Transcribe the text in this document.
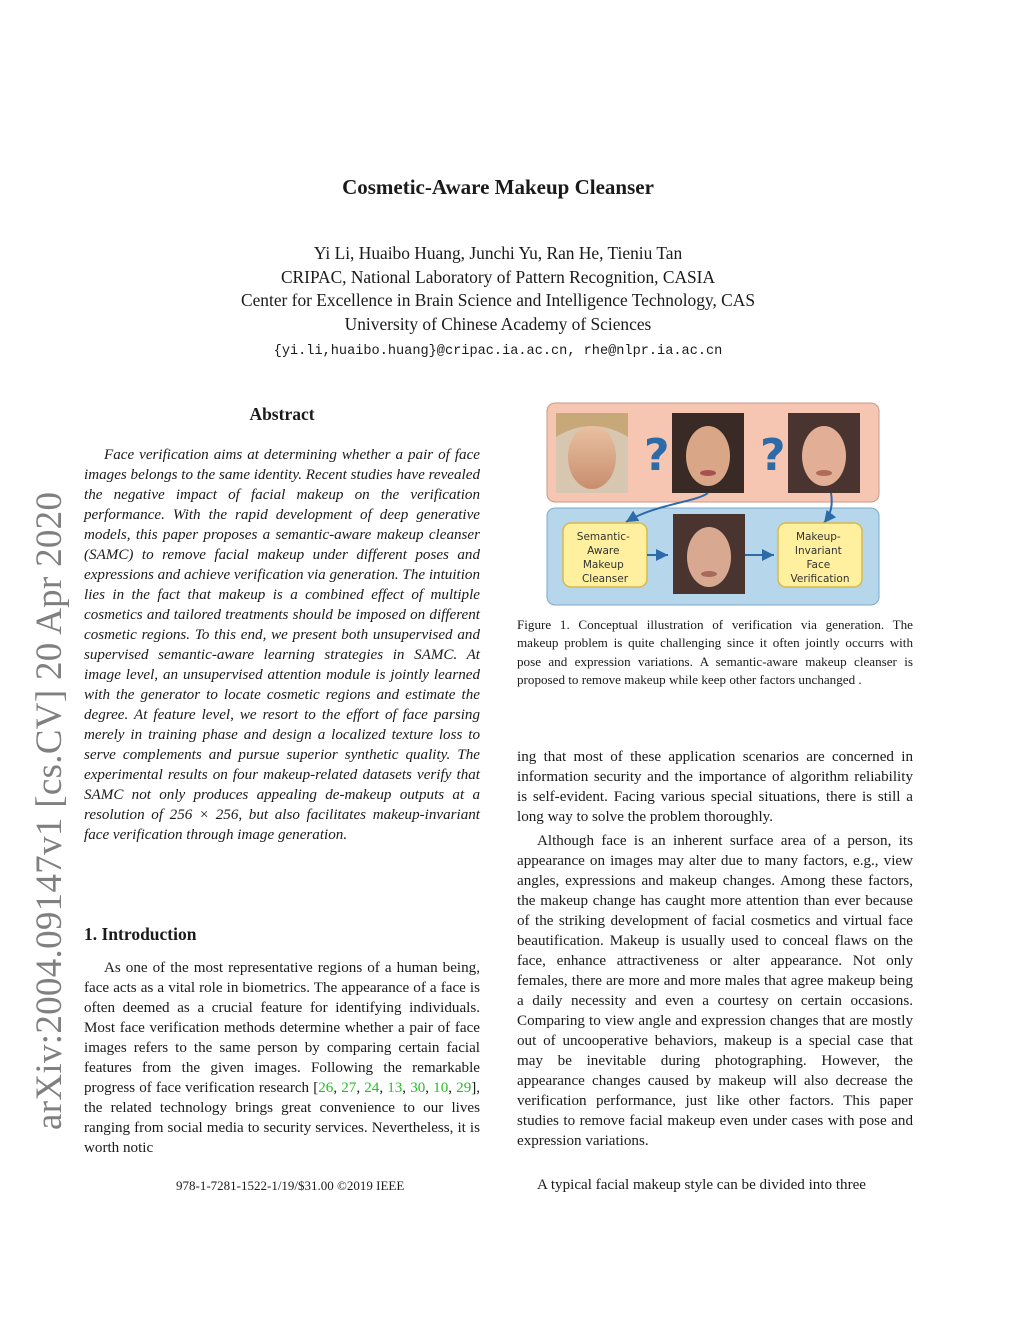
Cosmetic-Aware Makeup Cleanser
Yi Li, Huaibo Huang, Junchi Yu, Ran He, Tieniu Tan
CRIPAC, National Laboratory of Pattern Recognition, CASIA
Center for Excellence in Brain Science and Intelligence Technology, CAS
University of Chinese Academy of Sciences
{yi.li,huaibo.huang}@cripac.ia.ac.cn, rhe@nlpr.ia.ac.cn
arXiv:2004.09147v1 [cs.CV] 20 Apr 2020
Abstract
Face verification aims at determining whether a pair of face images belongs to the same identity. Recent studies have revealed the negative impact of facial makeup on the verification performance. With the rapid development of deep generative models, this paper proposes a semantic-aware makeup cleanser (SAMC) to remove facial makeup under different poses and expressions and achieve verification via generation. The intuition lies in the fact that makeup is a combined effect of multiple cosmetics and tailored treatments should be imposed on different cosmetic regions. To this end, we present both unsupervised and supervised semantic-aware learning strategies in SAMC. At image level, an unsupervised attention module is jointly learned with the generator to locate cosmetic regions and estimate the degree. At feature level, we resort to the effort of face parsing merely in training phase and design a localized texture loss to serve complements and pursue superior synthetic quality. The experimental results on four makeup-related datasets verify that SAMC not only produces appealing de-makeup outputs at a resolution of 256 × 256, but also facilitates makeup-invariant face verification through image generation.
1. Introduction
As one of the most representative regions of a human being, face acts as a vital role in biometrics. The appearance of a face is often deemed as a crucial feature for identifying individuals. Most face verification methods determine whether a pair of face images refers to the same person by comparing certain facial features from the given images. Following the remarkable progress of face verification research [26, 27, 24, 13, 30, 10, 29], the related technology brings great convenience to our lives ranging from social media to security services. Nevertheless, it is worth notic
? ?
Semantic- Aware Makeup Cleanser
Makeup- Invariant Face Verification
Figure 1. Conceptual illustration of verification via generation. The makeup problem is quite challenging since it often jointly occurrs with pose and expression variations. A semantic-aware makeup cleanser is proposed to remove makeup while keep other factors unchanged .
ing that most of these application scenarios are concerned in information security and the importance of algorithm reliability is self-evident. Facing various special situations, there is still a long way to solve the problem thoroughly.
Although face is an inherent surface area of a person, its appearance on images may alter due to many factors, e.g., view angles, expressions and makeup changes. Among these factors, the makeup change has caught more attention than ever because of the striking development of facial cosmetics and virtual face beautification. Makeup is usually used to conceal flaws on the face, enhance attractiveness or alter appearance. Not only females, there are more and more males that agree makeup being a daily necessity and even a courtesy on certain occasions. Comparing to view angle and expression changes that are mostly out of uncooperative behaviors, makeup is a special case that may be inevitable during photographing. However, the appearance changes caused by makeup will also decrease the verification performance, just like other factors. This paper studies to remove facial makeup even under cases with pose and expression variations.
A typical facial makeup style can be divided into three
978-1-7281-1522-1/19/$31.00 ©2019 IEEE
